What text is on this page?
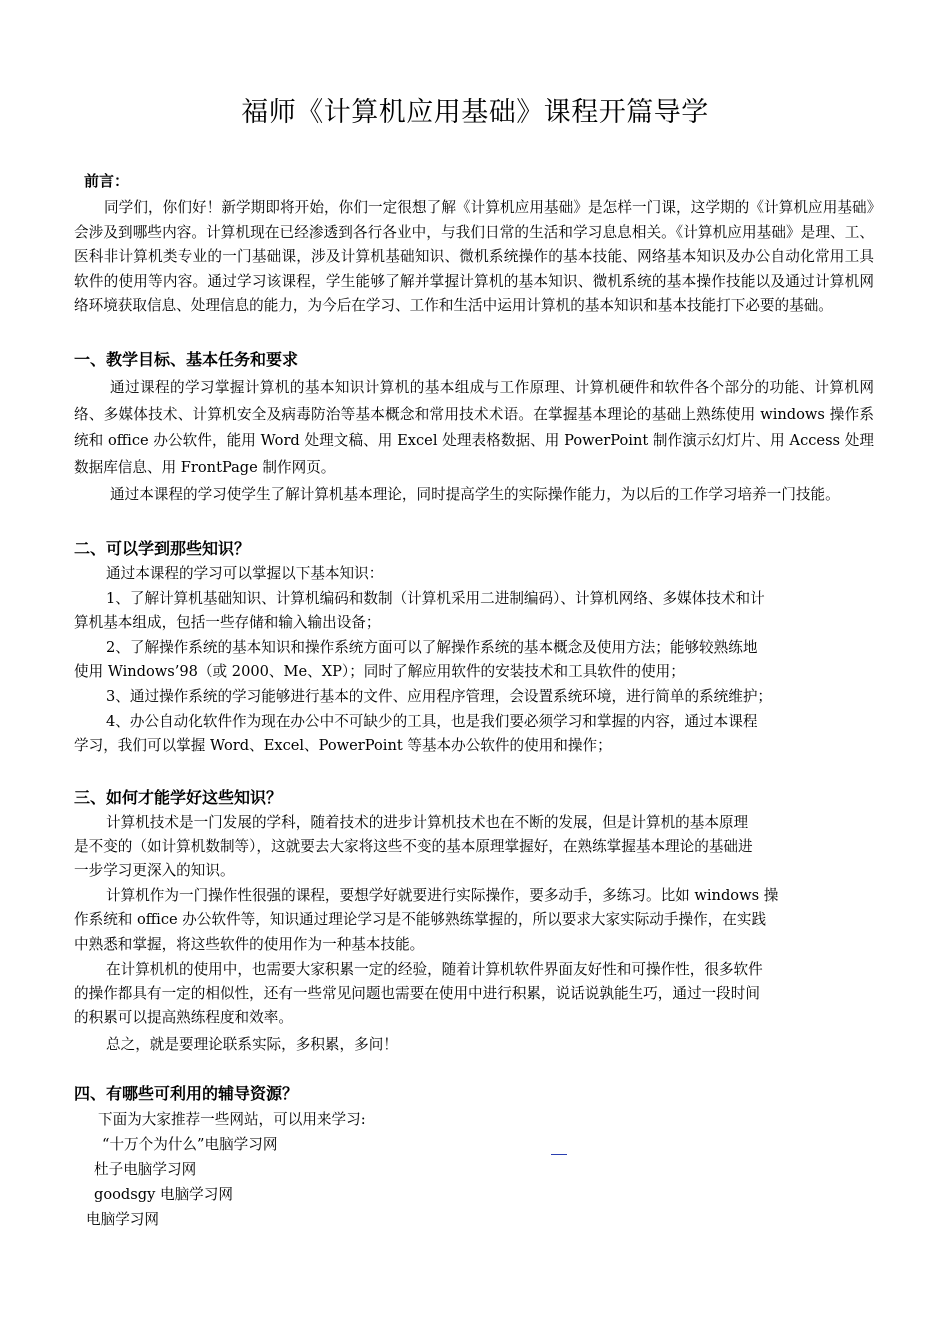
福师《计算机应用基础》课程开篇导学
前言：
同学们，你们好！新学期即将开始，你们一定很想了解《计算机应用基础》是怎样一门课，这学期的《计算机应用基础》会涉及到哪些内容。计算机现在已经渗透到各行各业中，与我们日常的生活和学习息息相关。《计算机应用基础》是理、工、医科非计算机类专业的一门基础课，涉及计算机基础知识、微机系统操作的基本技能、网络基本知识及办公自动化常用工具软件的使用等内容。通过学习该课程，学生能够了解并掌握计算机的基本知识、微机系统的基本操作技能以及通过计算机网络环境获取信息、处理信息的能力，为今后在学习、工作和生活中运用计算机的基本知识和基本技能打下必要的基础。
一、教学目标、基本任务和要求
通过课程的学习掌握计算机的基本知识计算机的基本组成与工作原理、计算机硬件和软件各个部分的功能、计算机网络、多媒体技术、计算机安全及病毒防治等基本概念和常用技术术语。在掌握基本理论的基础上熟练使用 windows 操作系统和 office 办公软件，能用 Word 处理文稿、用 Excel 处理表格数据、用 PowerPoint 制作演示幻灯片、用 Access 处理数据库信息、用 FrontPage 制作网页。
通过本课程的学习使学生了解计算机基本理论，同时提高学生的实际操作能力，为以后的工作学习培养一门技能。
二、可以学到那些知识？
通过本课程的学习可以掌握以下基本知识：
1、了解计算机基础知识、计算机编码和数制（计算机采用二进制编码）、计算机网络、多媒体技术和计
算机基本组成，包括一些存储和输入输出设备；
2、了解操作系统的基本知识和操作系统方面可以了解操作系统的基本概念及使用方法；能够较熟练地
使用 Windows’98（或 2000、Me、XP）；同时了解应用软件的安装技术和工具软件的使用；
3、通过操作系统的学习能够进行基本的文件、应用程序管理，会设置系统环境，进行简单的系统维护；
4、办公自动化软件作为现在办公中不可缺少的工具，也是我们要必须学习和掌握的内容，通过本课程
学习，我们可以掌握 Word、Excel、PowerPoint 等基本办公软件的使用和操作；
三、如何才能学好这些知识？
计算机技术是一门发展的学科，随着技术的进步计算机技术也在不断的发展，但是计算机的基本原理
是不变的（如计算机数制等），这就要去大家将这些不变的基本原理掌握好，在熟练掌握基本理论的基础进
一步学习更深入的知识。
计算机作为一门操作性很强的课程，要想学好就要进行实际操作，要多动手，多练习。比如 windows 操
作系统和 office 办公软件等，知识通过理论学习是不能够熟练掌握的，所以要求大家实际动手操作，在实践
中熟悉和掌握，将这些软件的使用作为一种基本技能。
在计算机机的使用中，也需要大家积累一定的经验，随着计算机软件界面友好性和可操作性，很多软件
的操作都具有一定的相似性，还有一些常见问题也需要在使用中进行积累，说话说孰能生巧，通过一段时间
的积累可以提高熟练程度和效率。
总之，就是要理论联系实际，多积累，多问！
四、有哪些可利用的辅导资源？
下面为大家推荐一些网站，可以用来学习:
“十万个为什么”电脑学习网
杜子电脑学习网
goodsgy 电脑学习网
电脑学习网
